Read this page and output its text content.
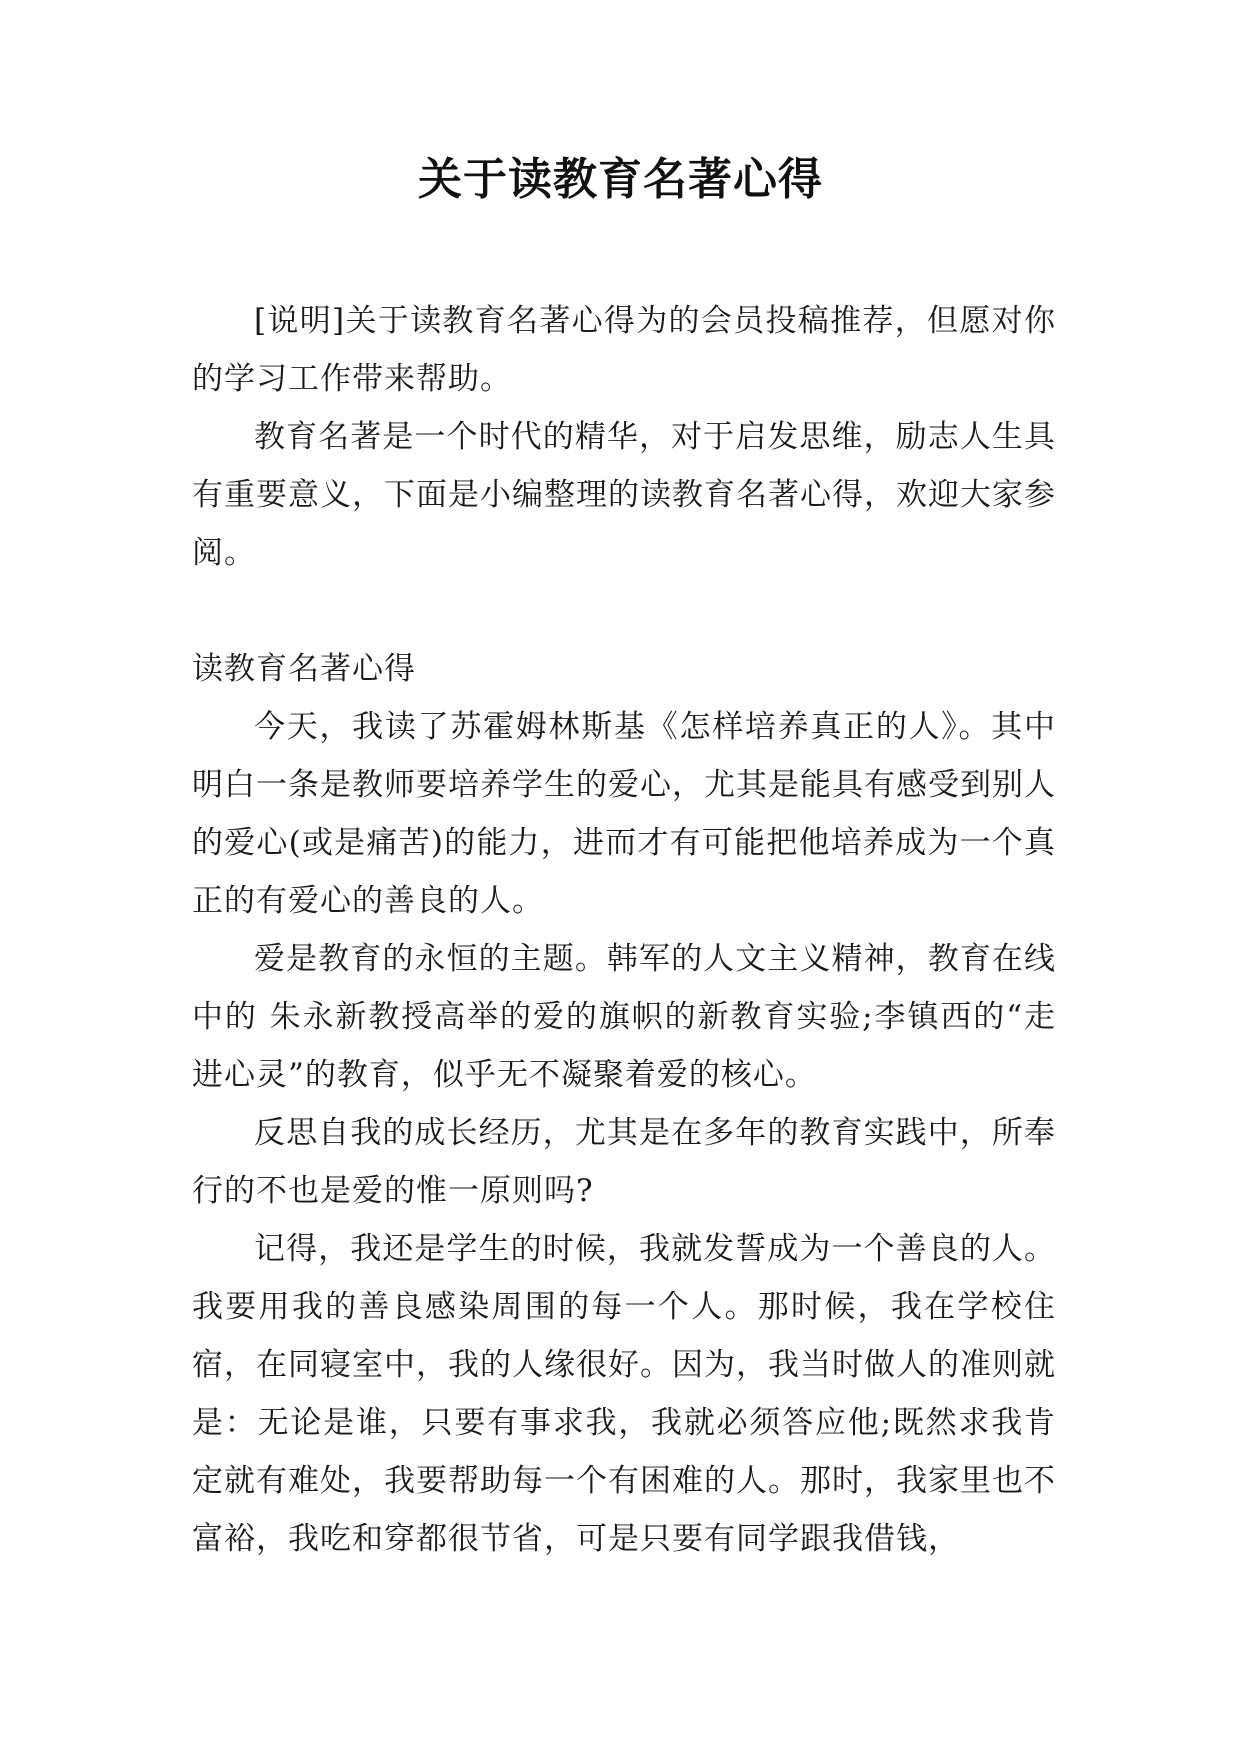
关于读教育名著心得

[说明]关于读教育名著心得为的会员投稿推荐，但愿对你的学习工作带来帮助。

教育名著是一个时代的精华，对于启发思维，励志人生具有重要意义，下面是小编整理的读教育名著心得，欢迎大家参阅。

读教育名著心得

今天，我读了苏霍姆林斯基《怎样培养真正的人》。其中明白一条是教师要培养学生的爱心，尤其是能具有感受到别人的爱心(或是痛苦)的能力，进而才有可能把他培养成为一个真正的有爱心的善良的人。

爱是教育的永恒的主题。韩军的人文主义精神，教育在线中的 朱永新教授高举的爱的旗帜的新教育实验;李镇西的“走进心灵”的教育，似乎无不凝聚着爱的核心。

反思自我的成长经历，尤其是在多年的教育实践中，所奉行的不也是爱的惟一原则吗?

记得，我还是学生的时候，我就发誓成为一个善良的人。我要用我的善良感染周围的每一个人。那时候，我在学校住宿，在同寝室中，我的人缘很好。因为，我当时做人的准则就是：无论是谁，只要有事求我，我就必须答应他;既然求我肯定就有难处，我要帮助每一个有困难的人。那时，我家里也不富裕，我吃和穿都很节省，可是只要有同学跟我借钱，
